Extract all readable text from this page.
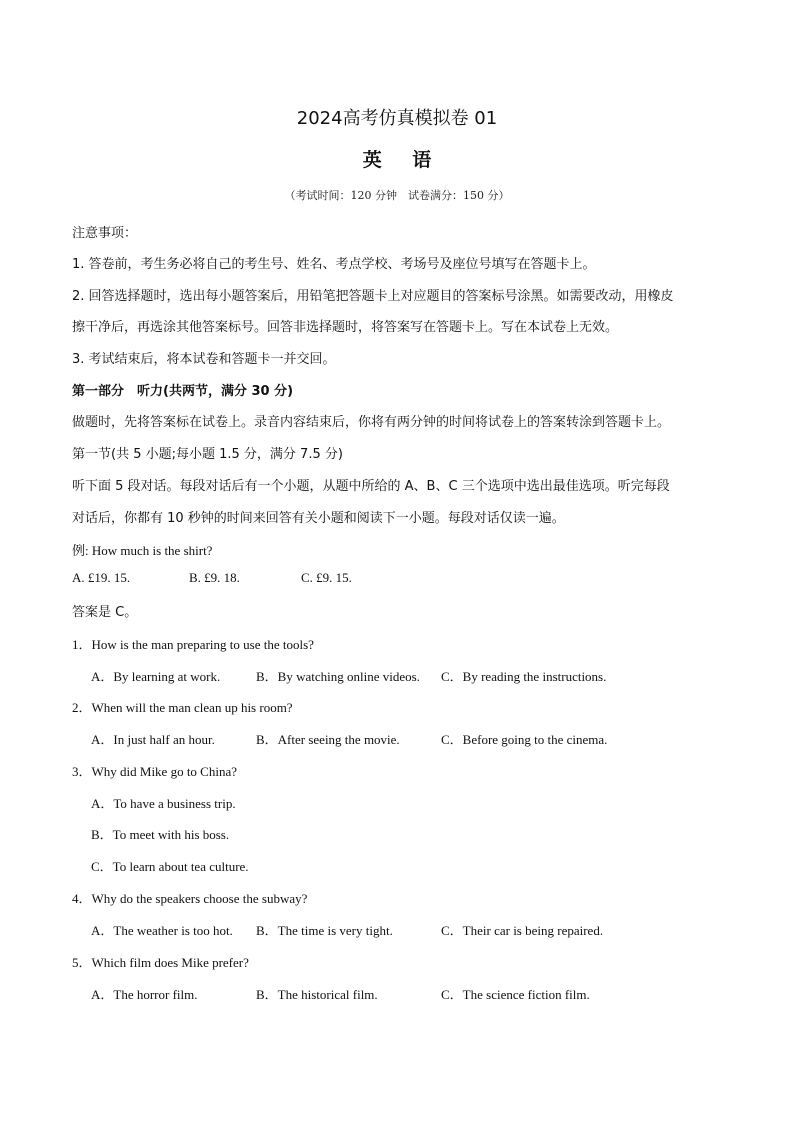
2024高考仿真模拟卷 01
英 语
（考试时间：120 分钟　试卷满分：150 分）
注意事项：
1. 答卷前，考生务必将自己的考生号、姓名、考点学校、考场号及座位号填写在答题卡上。
2. 回答选择题时，选出每小题答案后，用铅笔把答题卡上对应题目的答案标号涂黑。如需要改动，用橡皮
擦干净后，再选涂其他答案标号。回答非选择题时，将答案写在答题卡上。写在本试卷上无效。
3. 考试结束后，将本试卷和答题卡一并交回。
第一部分　听力(共两节，满分 30 分)
做题时，先将答案标在试卷上。录音内容结束后，你将有两分钟的时间将试卷上的答案转涂到答题卡上。
第一节(共 5 小题;每小题 1.5 分，满分 7.5 分)
听下面 5 段对话。每段对话后有一个小题，从题中所给的 A、B、C 三个选项中选出最佳选项。听完每段
对话后，你都有 10 秒钟的时间来回答有关小题和阅读下一小题。每段对话仅读一遍。
例: How much is the shirt?
A. £19. 15.	B. £9. 18.	C. £9. 15.
答案是 C。
1．How is the man preparing to use the tools?
A．By learning at work.	B．By watching online videos. C．By reading the instructions.
2．When will the man clean up his room?
A．In just half an hour.	B．After seeing the movie.	C．Before going to the cinema.
3．Why did Mike go to China?
A．To have a business trip.
B．To meet with his boss.
C．To learn about tea culture.
4．Why do the speakers choose the subway?
A．The weather is too hot. B．The time is very tight.	C．Their car is being repaired.
5．Which film does Mike prefer?
A．The horror film.	B．The historical film.	C．The science fiction film.
